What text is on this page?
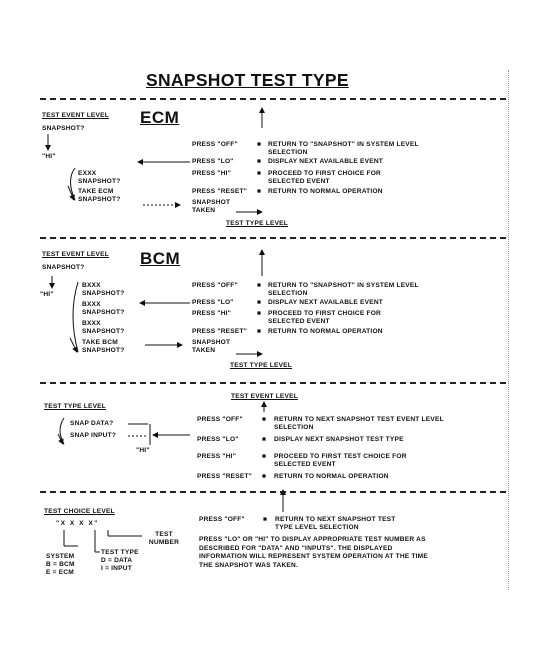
SNAPSHOT TEST TYPE
TEST EVENT LEVEL
SNAPSHOT?
ECM
"HI"
EXXX SNAPSHOT?
TAKE ECM SNAPSHOT?
PRESS "OFF"	■ RETURN TO "SNAPSHOT" IN SYSTEM LEVEL SELECTION
PRESS "LO"	■ DISPLAY NEXT AVAILABLE EVENT
PRESS "HI"	■ PROCEED TO FIRST CHOICE FOR SELECTED EVENT
PRESS "RESET" ■ RETURN TO NORMAL OPERATION
SNAPSHOT TAKEN
TEST TYPE LEVEL
TEST EVENT LEVEL
SNAPSHOT?	BCM
"HI"
BXXX SNAPSHOT?
BXXX SNAPSHOT?
BXXX SNAPSHOT?
TAKE BCM SNAPSHOT?
PRESS "OFF"	■ RETURN TO "SNAPSHOT" IN SYSTEM LEVEL SELECTION
PRESS "LO"	■ DISPLAY NEXT AVAILABLE EVENT
PRESS "HI"	■ PROCEED TO FIRST CHOICE FOR SELECTED EVENT
PRESS "RESET" ■ RETURN TO NORMAL OPERATION
SNAPSHOT TAKEN
TEST TYPE LEVEL
TEST EVENT LEVEL
TEST TYPE LEVEL
SNAP DATA?
SNAP INPUT?
"HI"
PRESS "OFF"	■ RETURN TO NEXT SNAPSHOT TEST EVENT LEVEL SELECTION
PRESS "LO"	■ DISPLAY NEXT SNAPSHOT TEST TYPE
PRESS "HI"	■ PROCEED TO FIRST TEST CHOICE FOR SELECTED EVENT
PRESS "RESET" ■ RETURN TO NORMAL OPERATION
TEST CHOICE LEVEL
"X X X X"
TEST NUMBER
TEST TYPE
D = DATA
I = INPUT
SYSTEM
B = BCM
E = ECM
PRESS "OFF"	■ RETURN TO NEXT SNAPSHOT TEST TYPE LEVEL SELECTION
PRESS "LO" OR "HI" TO DISPLAY APPROPRIATE TEST NUMBER AS DESCRIBED FOR "DATA" AND "INPUTS". THE DISPLAYED INFORMATION WILL REPRESENT SYSTEM OPERATION AT THE TIME THE SNAPSHOT WAS TAKEN.
